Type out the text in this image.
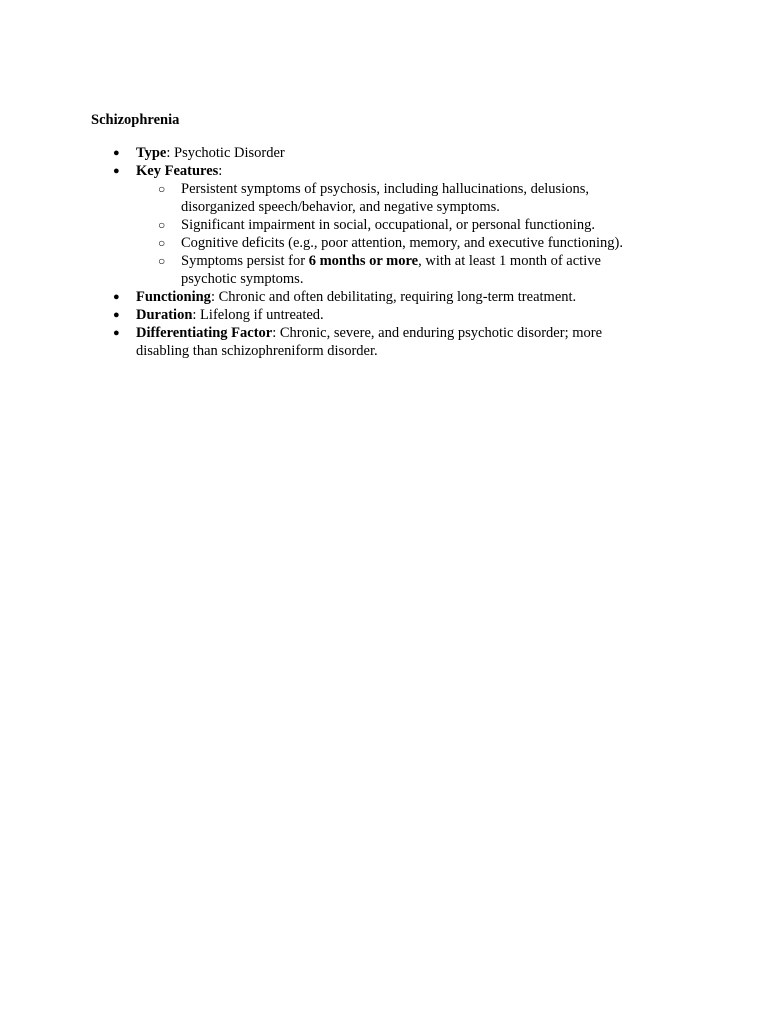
Schizophrenia
● Type: Psychotic Disorder
● Key Features:
○ Persistent symptoms of psychosis, including hallucinations, delusions, disorganized speech/behavior, and negative symptoms.
○ Significant impairment in social, occupational, or personal functioning.
○ Cognitive deficits (e.g., poor attention, memory, and executive functioning).
○ Symptoms persist for 6 months or more, with at least 1 month of active psychotic symptoms.
● Functioning: Chronic and often debilitating, requiring long-term treatment.
● Duration: Lifelong if untreated.
● Differentiating Factor: Chronic, severe, and enduring psychotic disorder; more disabling than schizophreniform disorder.
